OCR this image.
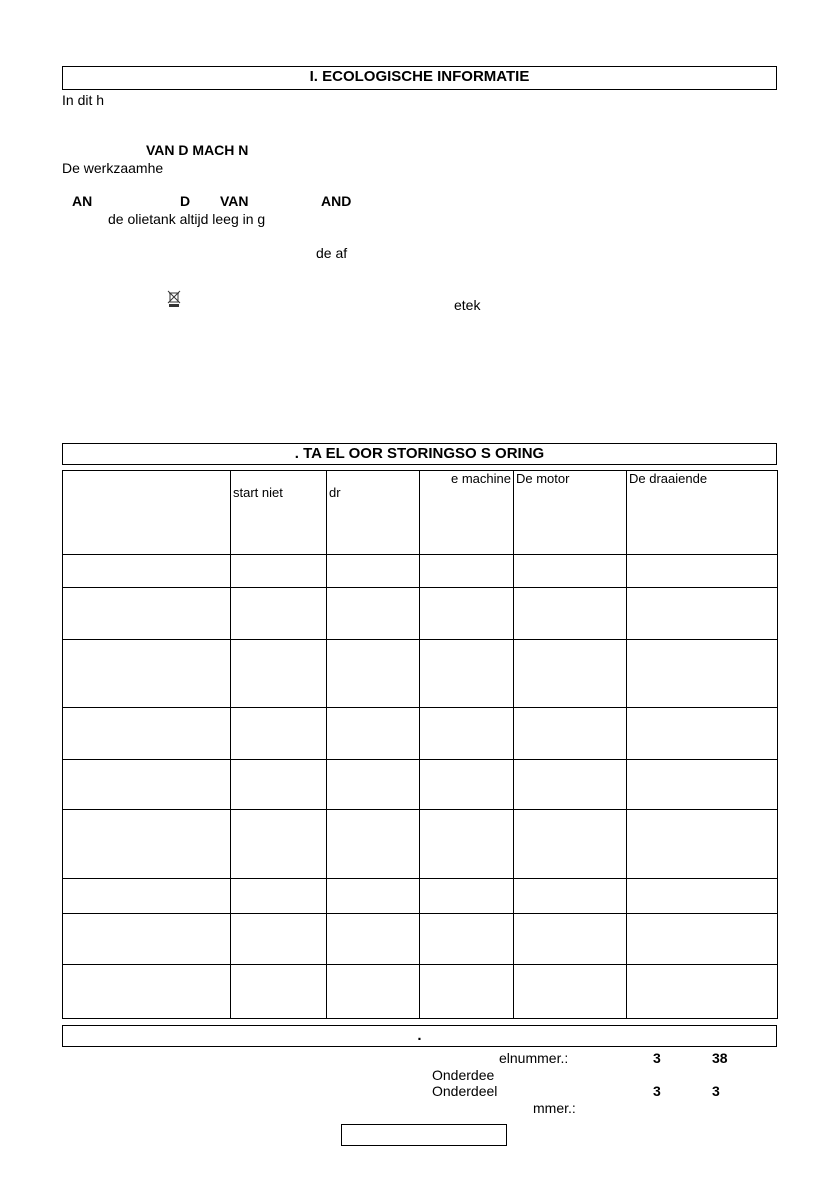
I. ECOLOGISCHE INFORMATIE
In dit h
VAN D MACH N
De werkzaamhe
AN	D VAN	AND
de olietank altijd leeg in g
de af
etek
. TA EL OOR STORINGSO S ORING

	start niet	dr	e machine	De motor	De draaiende

.
elnummer.:	3	38
Onderdee
Onderdeel	3	3
mmer.:
